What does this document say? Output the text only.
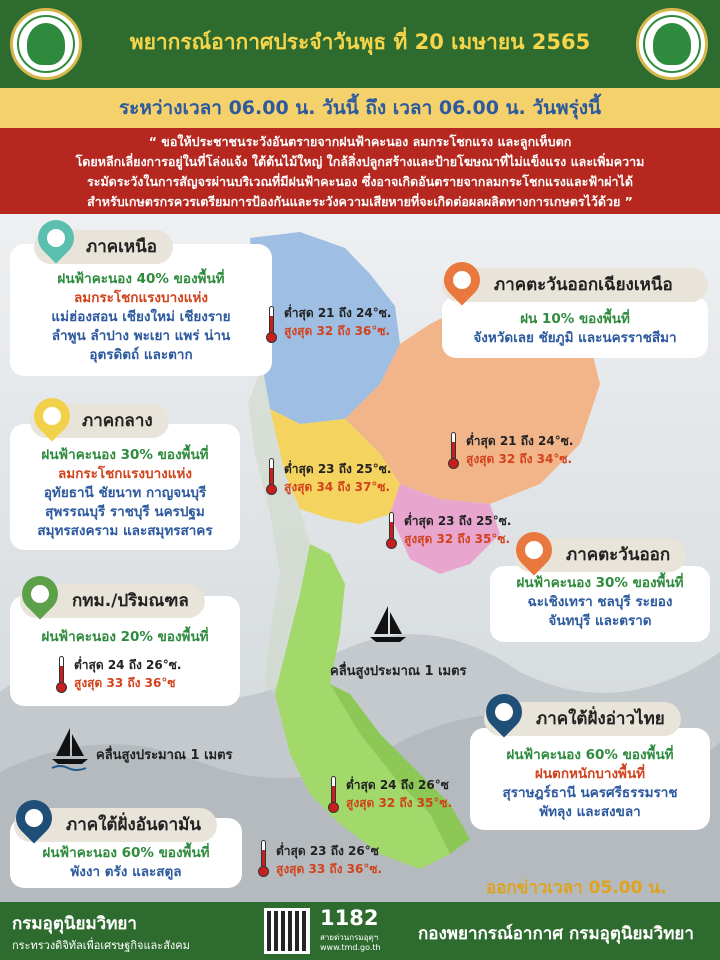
พยากรณ์อากาศประจำวันพุธ ที่ 20 เมษายน 2565
ระหว่างเวลา 06.00 น. วันนี้ ถึง เวลา 06.00 น. วันพรุ่งนี้
“ ขอให้ประชาชนระวังอันตรายจากฝนฟ้าคะนอง ลมกระโชกแรง และลูกเห็บตก
โดยหลีกเลี่ยงการอยู่ในที่โล่งแจ้ง ใต้ต้นไม้ใหญ่ ใกล้สิ่งปลูกสร้างและป้ายโฆษณาที่ไม่แข็งแรง และเพิ่มความ
ระมัดระวังในการสัญจรผ่านบริเวณที่มีฝนฟ้าคะนอง ซึ่งอาจเกิดอันตรายจากลมกระโชกแรงและฟ้าผ่าได้
สำหรับเกษตรกรควรเตรียมการป้องกันและระวังความเสียหายที่จะเกิดต่อผลผลิตทางการเกษตรไว้ด้วย ”
ฝนฟ้าคะนอง 40% ของพื้นที่
ลมกระโชกแรงบางแห่ง
แม่ฮ่องสอน เชียงใหม่ เชียงราย
ลำพูน ลำปาง พะเยา แพร่ น่าน
อุตรดิตถ์ และตาก
ภาคเหนือ
ต่ำสุด 21 ถึง 24°ซ.
สูงสุด 32 ถึง 36°ซ.
ฝน 10% ของพื้นที่
จังหวัดเลย ชัยภูมิ และนครราชสีมา
ภาคตะวันออกเฉียงเหนือ
ต่ำสุด 21 ถึง 24°ซ.
สูงสุด 32 ถึง 34°ซ.
ฝนฟ้าคะนอง 30% ของพื้นที่
ลมกระโชกแรงบางแห่ง
อุทัยธานี ชัยนาท กาญจนบุรี
สุพรรณบุรี ราชบุรี นครปฐม
สมุทรสงคราม และสมุทรสาคร
ภาคกลาง
ต่ำสุด 23 ถึง 25°ซ.
สูงสุด 34 ถึง 37°ซ.
ต่ำสุด 23 ถึง 25°ซ.
สูงสุด 32 ถึง 35°ซ.
ฝนฟ้าคะนอง 30% ของพื้นที่
ฉะเชิงเทรา ชลบุรี ระยอง
จันทบุรี และตราด
ภาคตะวันออก
ฝนฟ้าคะนอง 20% ของพื้นที่
กทม./ปริมณฑล
ต่ำสุด 24 ถึง 26°ซ.
สูงสุด 33 ถึง 36°ซ
คลื่นสูงประมาณ 1 เมตร
คลื่นสูงประมาณ 1 เมตร	ฝนฟ้าคะนอง 60% ของพื้นที่
ฝนตกหนักบางพื้นที่
สุราษฎร์ธานี นครศรีธรรมราช
พัทลุง และสงขลา
ภาคใต้ฝั่งอ่าวไทย
ต่ำสุด 24 ถึง 26°ซ
สูงสุด 32 ถึง 35°ซ.
ฝนฟ้าคะนอง 60% ของพื้นที่
พังงา ตรัง และสตูล
ภาคใต้ฝั่งอันดามัน
ต่ำสุด 23 ถึง 26°ซ
สูงสุด 33 ถึง 36°ซ.
ออกข่าวเวลา 05.00 น.
กรมอุตุนิยมวิทยา
กระทรวงดิจิทัลเพื่อเศรษฐกิจและสังคม
1182
สายด่วนกรมอุตุฯ
www.tmd.go.th
กองพยากรณ์อากาศ กรมอุตุนิยมวิทยา
